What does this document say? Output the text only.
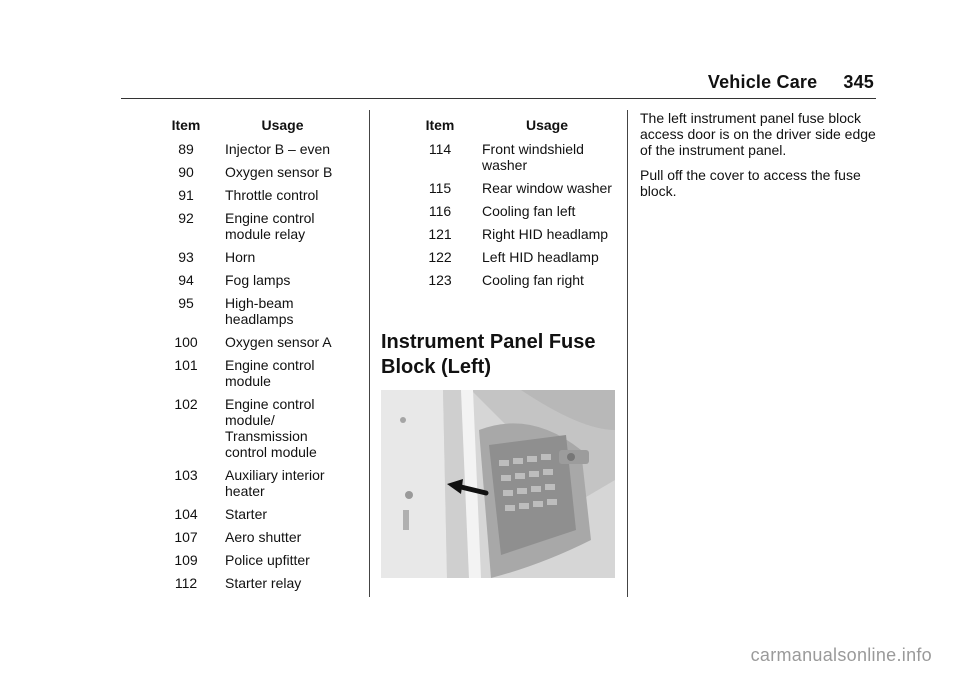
Vehicle Care 345
Item	Usage
89	Injector B – even
90	Oxygen sensor B
91	Throttle control
92	Engine control module relay
93	Horn
94	Fog lamps
95	High-beam headlamps
100	Oxygen sensor A
101	Engine control module
102	Engine control module/ Transmission control module
103	Auxiliary interior heater
104	Starter
107	Aero shutter
109	Police upfitter
112	Starter relay
Item	Usage
114	Front windshield washer
115	Rear window washer
116	Cooling fan left
121	Right HID headlamp
122	Left HID headlamp
123	Cooling fan right
Instrument Panel Fuse Block (Left)

The left instrument panel fuse block access door is on the driver side edge of the instrument panel.

Pull off the cover to access the fuse block.

carmanualsonline.info
